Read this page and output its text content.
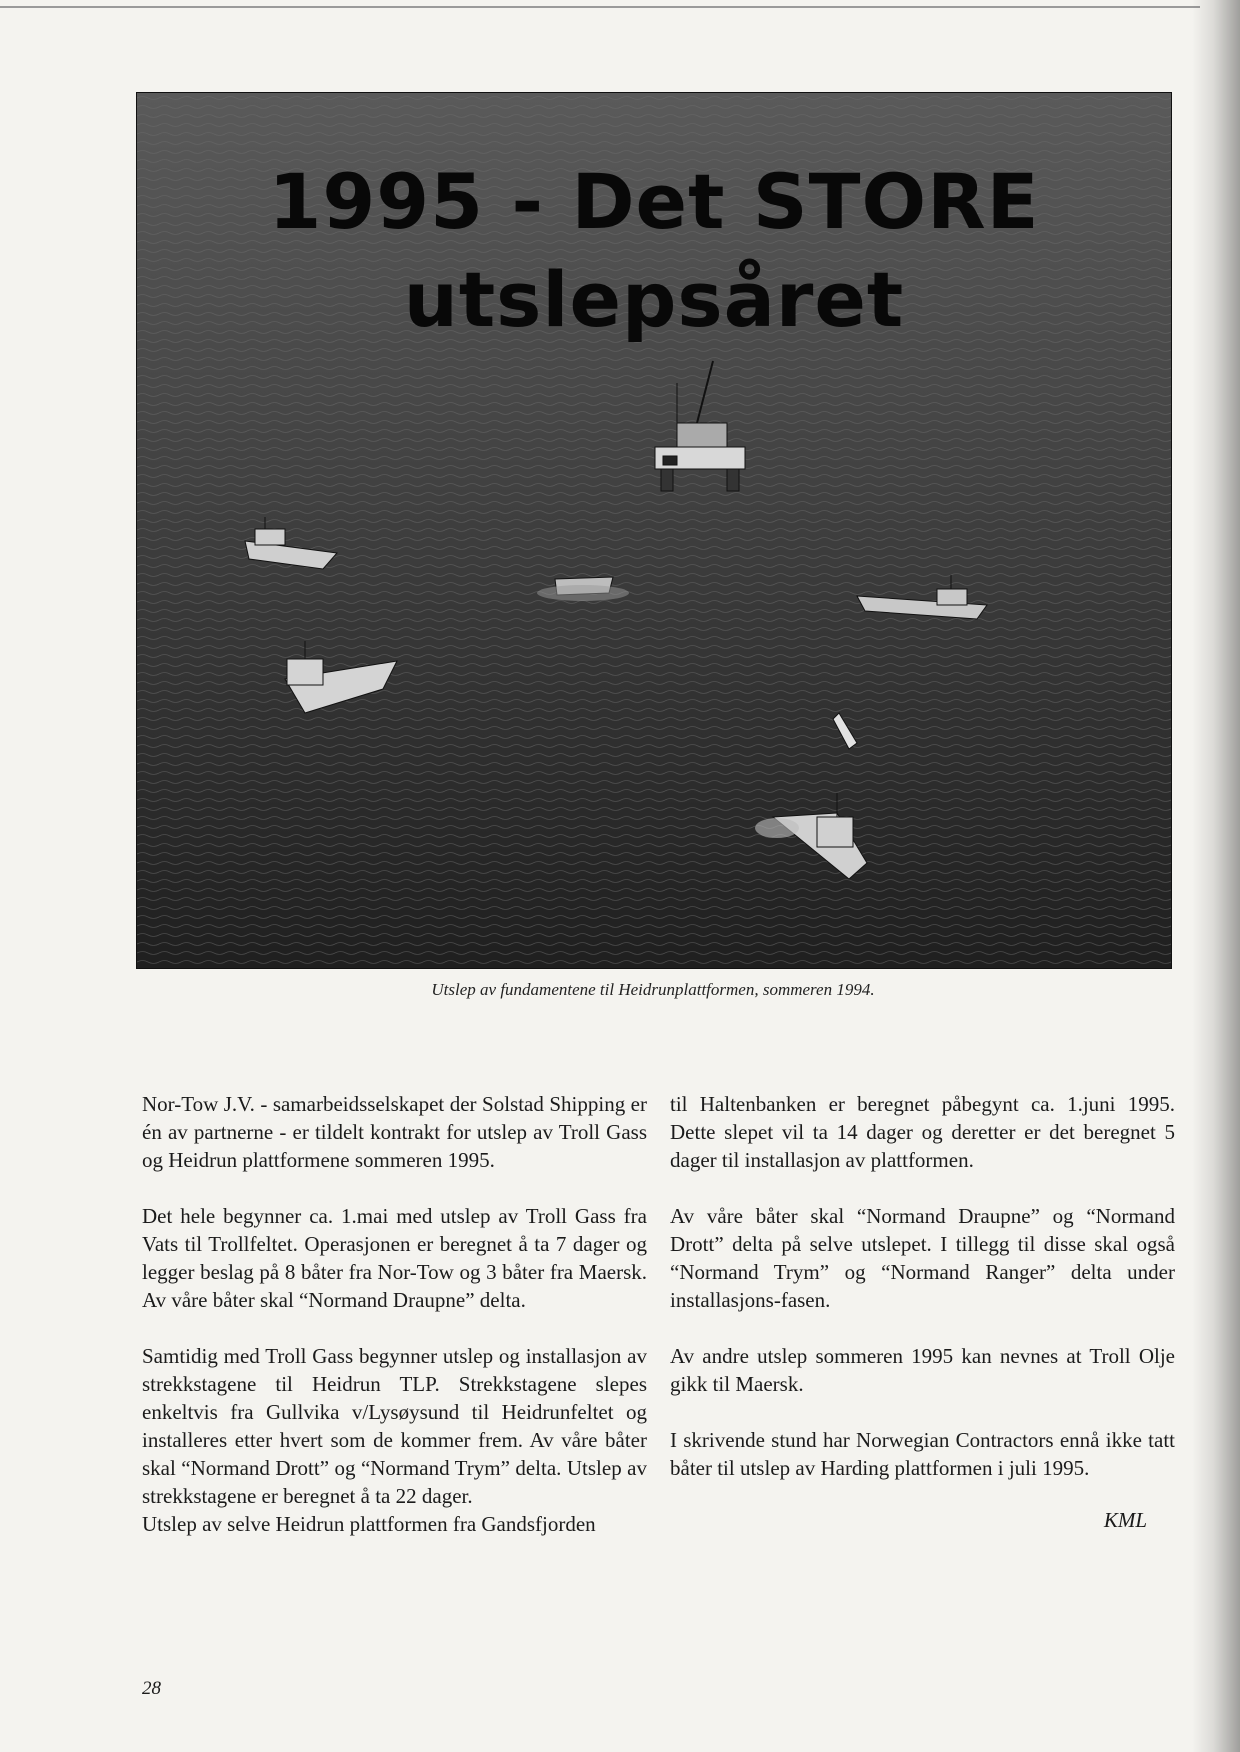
1995 - Det STORE
utslepsåret
Utslep av fundamentene til Heidrunplattformen, sommeren 1994.

Nor-Tow J.V. - samarbeidsselskapet der Solstad Shipping er én av partnerne - er tildelt kontrakt for utslep av Troll Gass og Heidrun plattformene sommeren 1995.

Det hele begynner ca. 1.mai med utslep av Troll Gass fra Vats til Trollfeltet. Operasjonen er beregnet å ta 7 dager og legger beslag på 8 båter fra Nor-Tow og 3 båter fra Maersk. Av våre båter skal “Normand Draupne” delta.

Samtidig med Troll Gass begynner utslep og installasjon av strekkstagene til Heidrun TLP. Strekkstagene slepes enkeltvis fra Gullvika v/Lysøysund til Heidrunfeltet og installeres etter hvert som de kommer frem. Av våre båter skal “Normand Drott” og “Normand Trym” delta. Utslep av strekkstagene er beregnet å ta 22 dager.

Utslep av selve Heidrun plattformen fra Gandsfjorden

til Haltenbanken er beregnet påbegynt ca. 1.juni 1995. Dette slepet vil ta 14 dager og deretter er det beregnet 5 dager til installasjon av plattformen.

Av våre båter skal “Normand Draupne” og “Normand Drott” delta på selve utslepet. I tillegg til disse skal også “Normand Trym” og “Normand Ranger” delta under installasjons-fasen.

Av andre utslep sommeren 1995 kan nevnes at Troll Olje gikk til Maersk.

I skrivende stund har Norwegian Contractors ennå ikke tatt båter til utslep av Harding plattformen i juli 1995.

KML
28
